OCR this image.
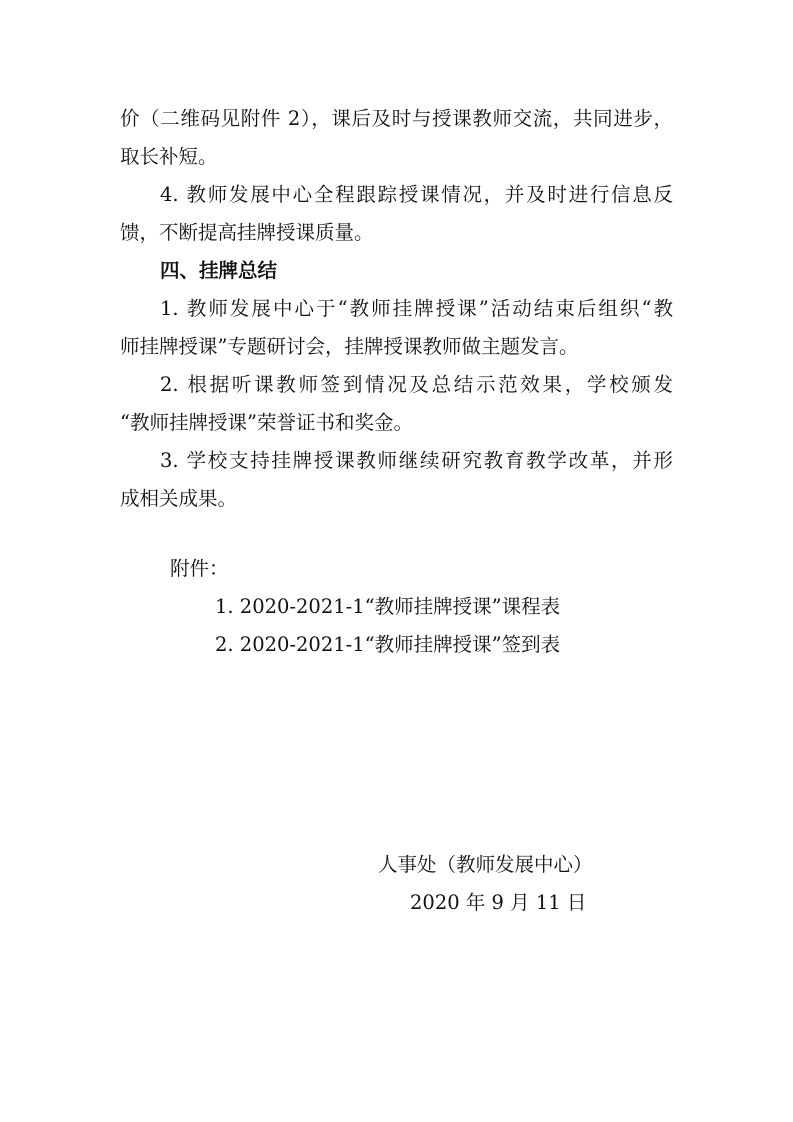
价（二维码见附件 2），课后及时与授课教师交流，共同进步，
取长补短。
4. 教师发展中心全程跟踪授课情况，并及时进行信息反
馈，不断提高挂牌授课质量。
四、挂牌总结
1. 教师发展中心于“教师挂牌授课”活动结束后组织“教
师挂牌授课”专题研讨会，挂牌授课教师做主题发言。
2. 根据听课教师签到情况及总结示范效果，学校颁发
“教师挂牌授课”荣誉证书和奖金。
3. 学校支持挂牌授课教师继续研究教育教学改革，并形
成相关成果。
附件：
1. 2020-2021-1“教师挂牌授课”课程表
2. 2020-2021-1“教师挂牌授课”签到表
人事处（教师发展中心）
2020 年 9 月 11 日
